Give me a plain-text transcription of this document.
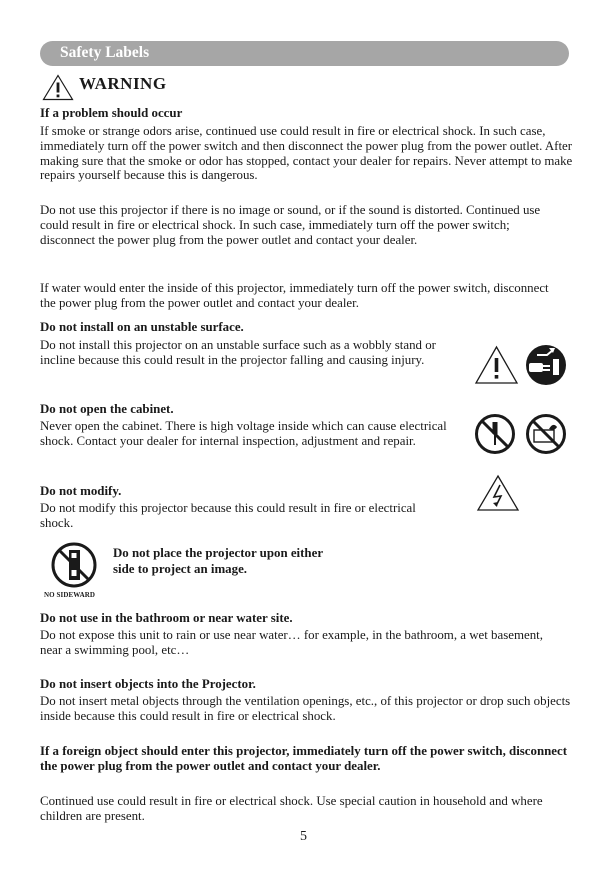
Safety Labels
WARNING

If a problem should occur

If smoke or strange odors arise, continued use could result in fire or electrical shock. In such case, immediately turn off the power switch and then disconnect the power plug from the power outlet. After making sure that the smoke or odor has stopped, contact your dealer for repairs. Never attempt to make repairs yourself because this is dangerous.

Do not use this projector if there is no image or sound, or if the sound is distorted. Continued use could result in fire or electrical shock. In such case, immediately turn off the power switch; disconnect the power plug from the power outlet and contact your dealer.

If water would enter the inside of this projector, immediately turn off the power switch, disconnect the power plug from the power outlet and contact your dealer.

Do not install on an unstable surface.

Do not install this projector on an unstable surface such as a wobbly stand or incline because this could result in the projector falling and causing injury.

Do not open the cabinet.

Never open the cabinet. There is high voltage inside which can cause electrical shock. Contact your dealer for internal inspection, adjustment and repair.

Do not modify.

Do not modify this projector because this could result in fire or electrical shock.

NO SIDEWARD

Do not place the projector upon either side to project an image.

Do not use in the bathroom or near water site.

Do not expose this unit to rain or use near water… for example, in the bathroom, a wet basement, near a swimming pool, etc…

Do not insert objects into the Projector.

Do not insert metal objects through the ventilation openings, etc., of this projector or drop such objects inside because this could result in fire or electrical shock.

If a foreign object should enter this projector, immediately turn off the power switch, disconnect the power plug from the power outlet and contact your dealer.

Continued use could result in fire or electrical shock. Use special caution in household and where children are present.

5
